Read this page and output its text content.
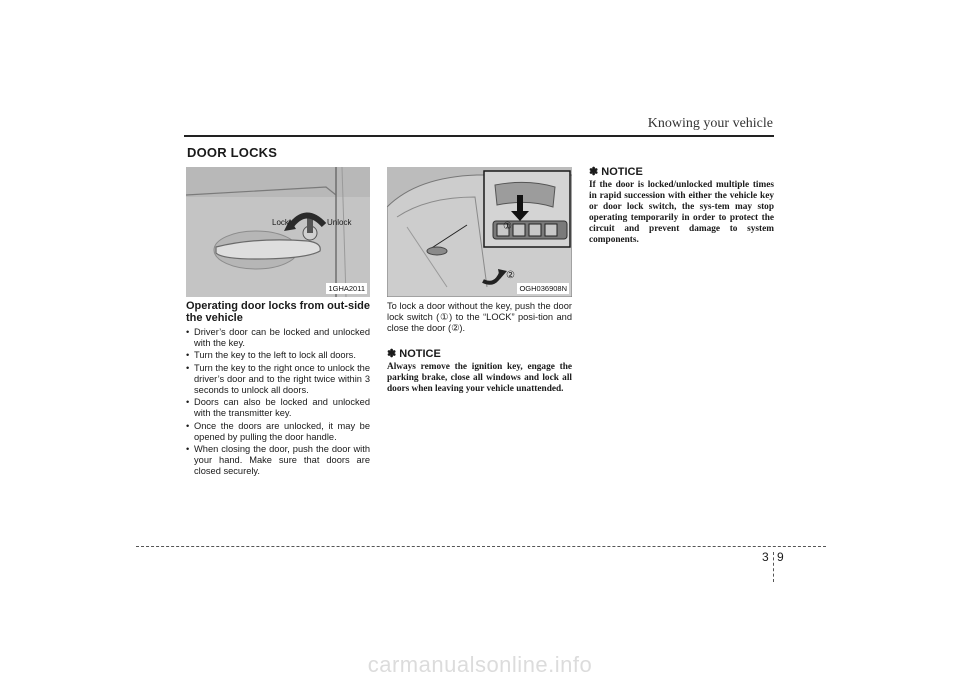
Knowing your vehicle
DOOR LOCKS
Lock	Unlock
1GHA2011
①
②
OGH036908N
Operating door locks from out-side the vehicle
• Driver’s door can be locked and unlocked with the key.
• Turn the key to the left to lock all doors.
• Turn the key to the right once to unlock the driver’s door and to the right twice within 3 seconds to unlock all doors.
• Doors can also be locked and unlocked with the transmitter key.
• Once the doors are unlocked, it may be opened by pulling the door handle.
• When closing the door, push the door with your hand. Make sure that doors are closed securely.
To lock a door without the key, push the door lock switch (①) to the “LOCK” posi-tion and close the door (②).
✽ NOTICE
Always remove the ignition key, engage the parking brake, close all windows and lock all doors when leaving your vehicle unattended.
✽ NOTICE
If the door is locked/unlocked multiple times in rapid succession with either the vehicle key or door lock switch, the sys-tem may stop operating temporarily in order to protect the circuit and prevent damage to system components.
3 9
carmanualsonline.info
